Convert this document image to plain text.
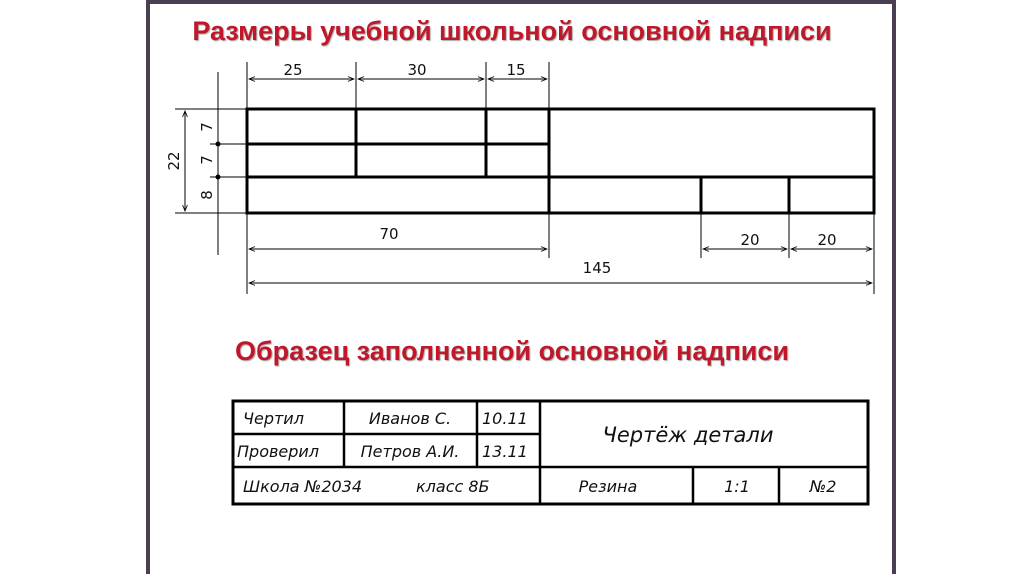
Размеры учебной школьной основной надписи
Образец заполненной основной надписи
25	30	15
70	20	20
145
7
7
8
22
Чертил	Иванов С. 10.11
Проверил	Петров А.И. 13.11
Чертёж детали
Школа №2034	класс 8Б	Резина	1:1	№2
